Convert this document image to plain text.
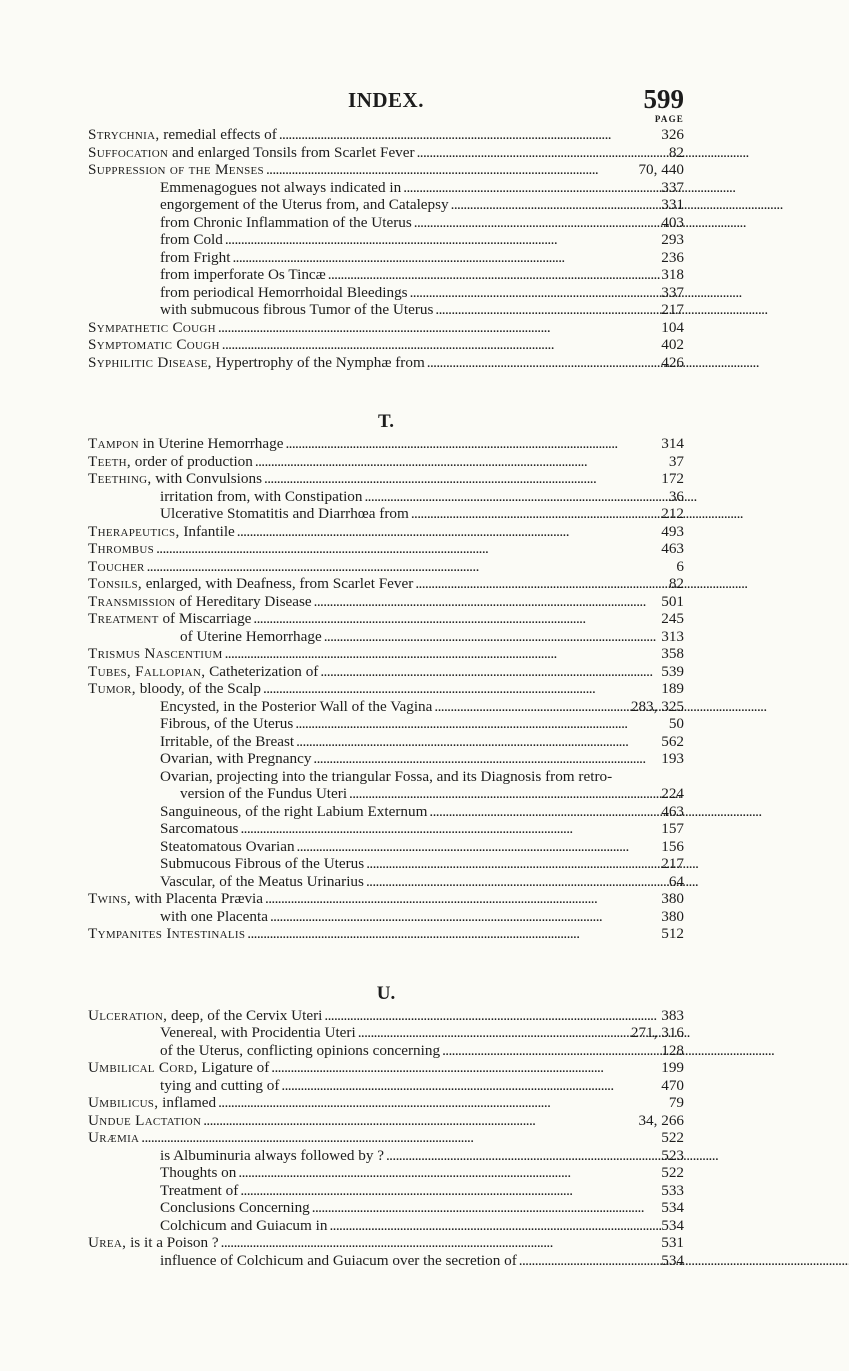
INDEX.	599
PAGE
Strychnia, remedial effects of . . .	326
Suffocation and enlarged Tonsils from Scarlet Fever . . .	82
Suppression of the Menses . . .	70, 440
Emmenagogues not always indicated in . . .	337
engorgement of the Uterus from, and Catalepsy . . .	331
from Chronic Inflammation of the Uterus . . .	403
from Cold . . .	293
from Fright . . .	236
from imperforate Os Tincæ . . .	318
from periodical Hemorrhoidal Bleedings . . .	337
with submucous fibrous Tumor of the Uterus . . .	217
Sympathetic Cough . . .	104
Symptomatic Cough . . .	402
Syphilitic Disease, Hypertrophy of the Nymphæ from . . .	426
T.
Tampon in Uterine Hemorrhage . . .	314
Teeth, order of production . . .	37
Teething, with Convulsions . . .	172
irritation from, with Constipation . . .	36
Ulcerative Stomatitis and Diarrhœa from . . .	212
Therapeutics, Infantile . . .	493
Thrombus . . .	463
Toucher . . .	6
Tonsils, enlarged, with Deafness, from Scarlet Fever . . .	82
Transmission of Hereditary Disease . . .	501
Treatment of Miscarriage . . .	245
of Uterine Hemorrhage . . .	313
Trismus Nascentium . . .	358
Tubes, Fallopian, Catheterization of . . .	539
Tumor, bloody, of the Scalp . . .	189
Encysted, in the Posterior Wall of the Vagina . . .	283, 325
Fibrous, of the Uterus . . .	50
Irritable, of the Breast . . .	562
Ovarian, with Pregnancy . . .	193
Ovarian, projecting into the triangular Fossa, and its Diagnosis from retro-
version of the Fundus Uteri . . .	224
Sanguineous, of the right Labium Externum . . .	463
Sarcomatous . . .	157
Steatomatous Ovarian . . .	156
Submucous Fibrous of the Uterus . . .	217
Vascular, of the Meatus Urinarius . . .	64
Twins, with Placenta Prævia . . .	380
with one Placenta . . .	380
Tympanites Intestinalis . . .	512
U.
Ulceration, deep, of the Cervix Uteri . . .	383
Venereal, with Procidentia Uteri . . .	271, 316
of the Uterus, conflicting opinions concerning . . .	128
Umbilical Cord, Ligature of . . .	199
tying and cutting of . . .	470
Umbilicus, inflamed . . .	79
Undue Lactation . . .	34, 266
Uræmia . . .	522
is Albuminuria always followed by ? . . .	523
Thoughts on . . .	522
Treatment of . . .	533
Conclusions Concerning . . .	534
Colchicum and Guiacum in . . .	534
Urea, is it a Poison ? . . .	531
influence of Colchicum and Guiacum over the secretion of . . .	534
